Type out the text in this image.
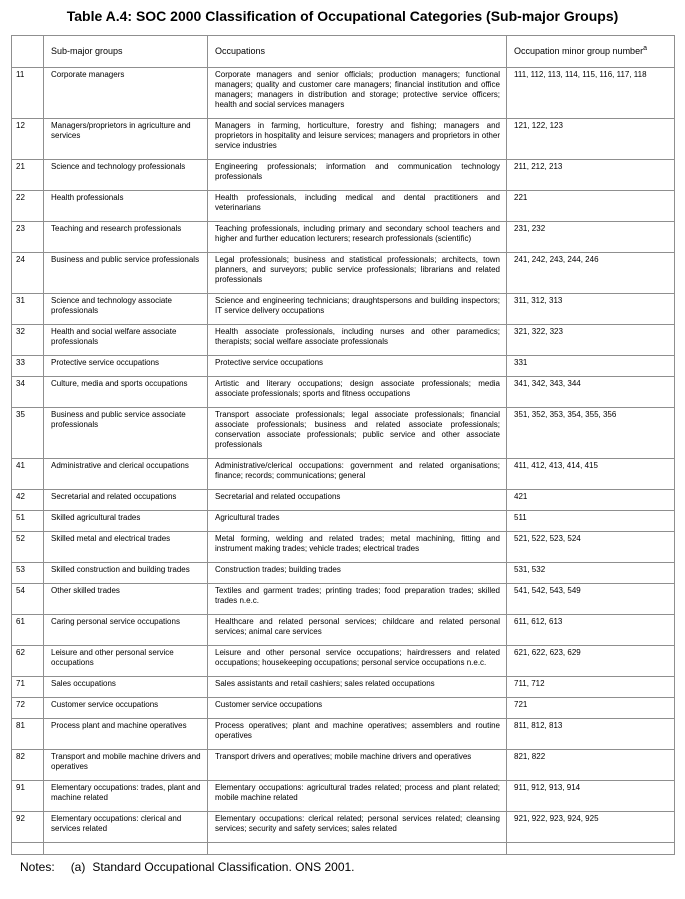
Table A.4: SOC 2000 Classification of Occupational Categories (Sub-major Groups)
	Sub-major groups	Occupations	Occupation minor group number$^a$
11	Corporate managers	Corporate managers and senior officials; production managers; functional managers; quality and customer care managers; financial institution and office managers; managers in distribution and storage; protective service officers; health and social services managers	111, 112, 113, 114, 115, 116, 117, 118
12	Managers/proprietors in agriculture and services	Managers in farming, horticulture, forestry and fishing; managers and proprietors in hospitality and leisure services; managers and proprietors in other service industries	121, 122, 123
21	Science and technology professionals	Engineering professionals; information and communication technology professionals	211, 212, 213
22	Health professionals	Health professionals, including medical and dental practitioners and veterinarians	221
23	Teaching and research professionals	Teaching professionals, including primary and secondary school teachers and higher and further education lecturers; research professionals (scientific)	231, 232
24	Business and public service professionals	Legal professionals; business and statistical professionals; architects, town planners, and surveyors; public service professionals; librarians and related professionals	241, 242, 243, 244, 246
31	Science and technology associate professionals	Science and engineering technicians; draughtspersons and building inspectors; IT service delivery occupations	311, 312, 313
32	Health and social welfare associate professionals	Health associate professionals, including nurses and other paramedics; therapists; social welfare associate professionals	321, 322, 323
33	Protective service occupations	Protective service occupations	331
34	Culture, media and sports occupations	Artistic and literary occupations; design associate professionals; media associate professionals; sports and fitness occupations	341, 342, 343, 344
35	Business and public service associate professionals	Transport associate professionals; legal associate professionals; financial associate professionals; business and related associate professionals; conservation associate professionals; public service and other associate professionals	351, 352, 353, 354, 355, 356
41	Administrative and clerical occupations	Administrative/clerical occupations: government and related organisations; finance; records; communications; general	411, 412, 413, 414, 415
42	Secretarial and related occupations	Secretarial and related occupations	421
51	Skilled agricultural trades	Agricultural trades	511
52	Skilled metal and electrical trades	Metal forming, welding and related trades; metal machining, fitting and instrument making trades; vehicle trades; electrical trades	521, 522, 523, 524
53	Skilled construction and building trades	Construction trades; building trades	531, 532
54	Other skilled trades	Textiles and garment trades; printing trades; food preparation trades; skilled trades n.e.c.	541, 542, 543, 549
61	Caring personal service occupations	Healthcare and related personal services; childcare and related personal services; animal care services	611, 612, 613
62	Leisure and other personal service occupations	Leisure and other personal service occupations; hairdressers and related occupations; housekeeping occupations; personal service occupations n.e.c.	621, 622, 623, 629
71	Sales occupations	Sales assistants and retail cashiers; sales related occupations	711, 712
72	Customer service occupations	Customer service occupations	721
81	Process plant and machine operatives	Process operatives; plant and machine operatives; assemblers and routine operatives	811, 812, 813
82	Transport and mobile machine drivers and operatives	Transport drivers and operatives; mobile machine drivers and operatives	821, 822
91	Elementary occupations: trades, plant and machine related	Elementary occupations: agricultural trades related; process and plant related; mobile machine related	911, 912, 913, 914
92	Elementary occupations: clerical and services related	Elementary occupations: clerical related; personal services related; cleansing services; security and safety services; sales related	921, 922, 923, 924, 925

Notes: (a) Standard Occupational Classification. ONS 2001.
